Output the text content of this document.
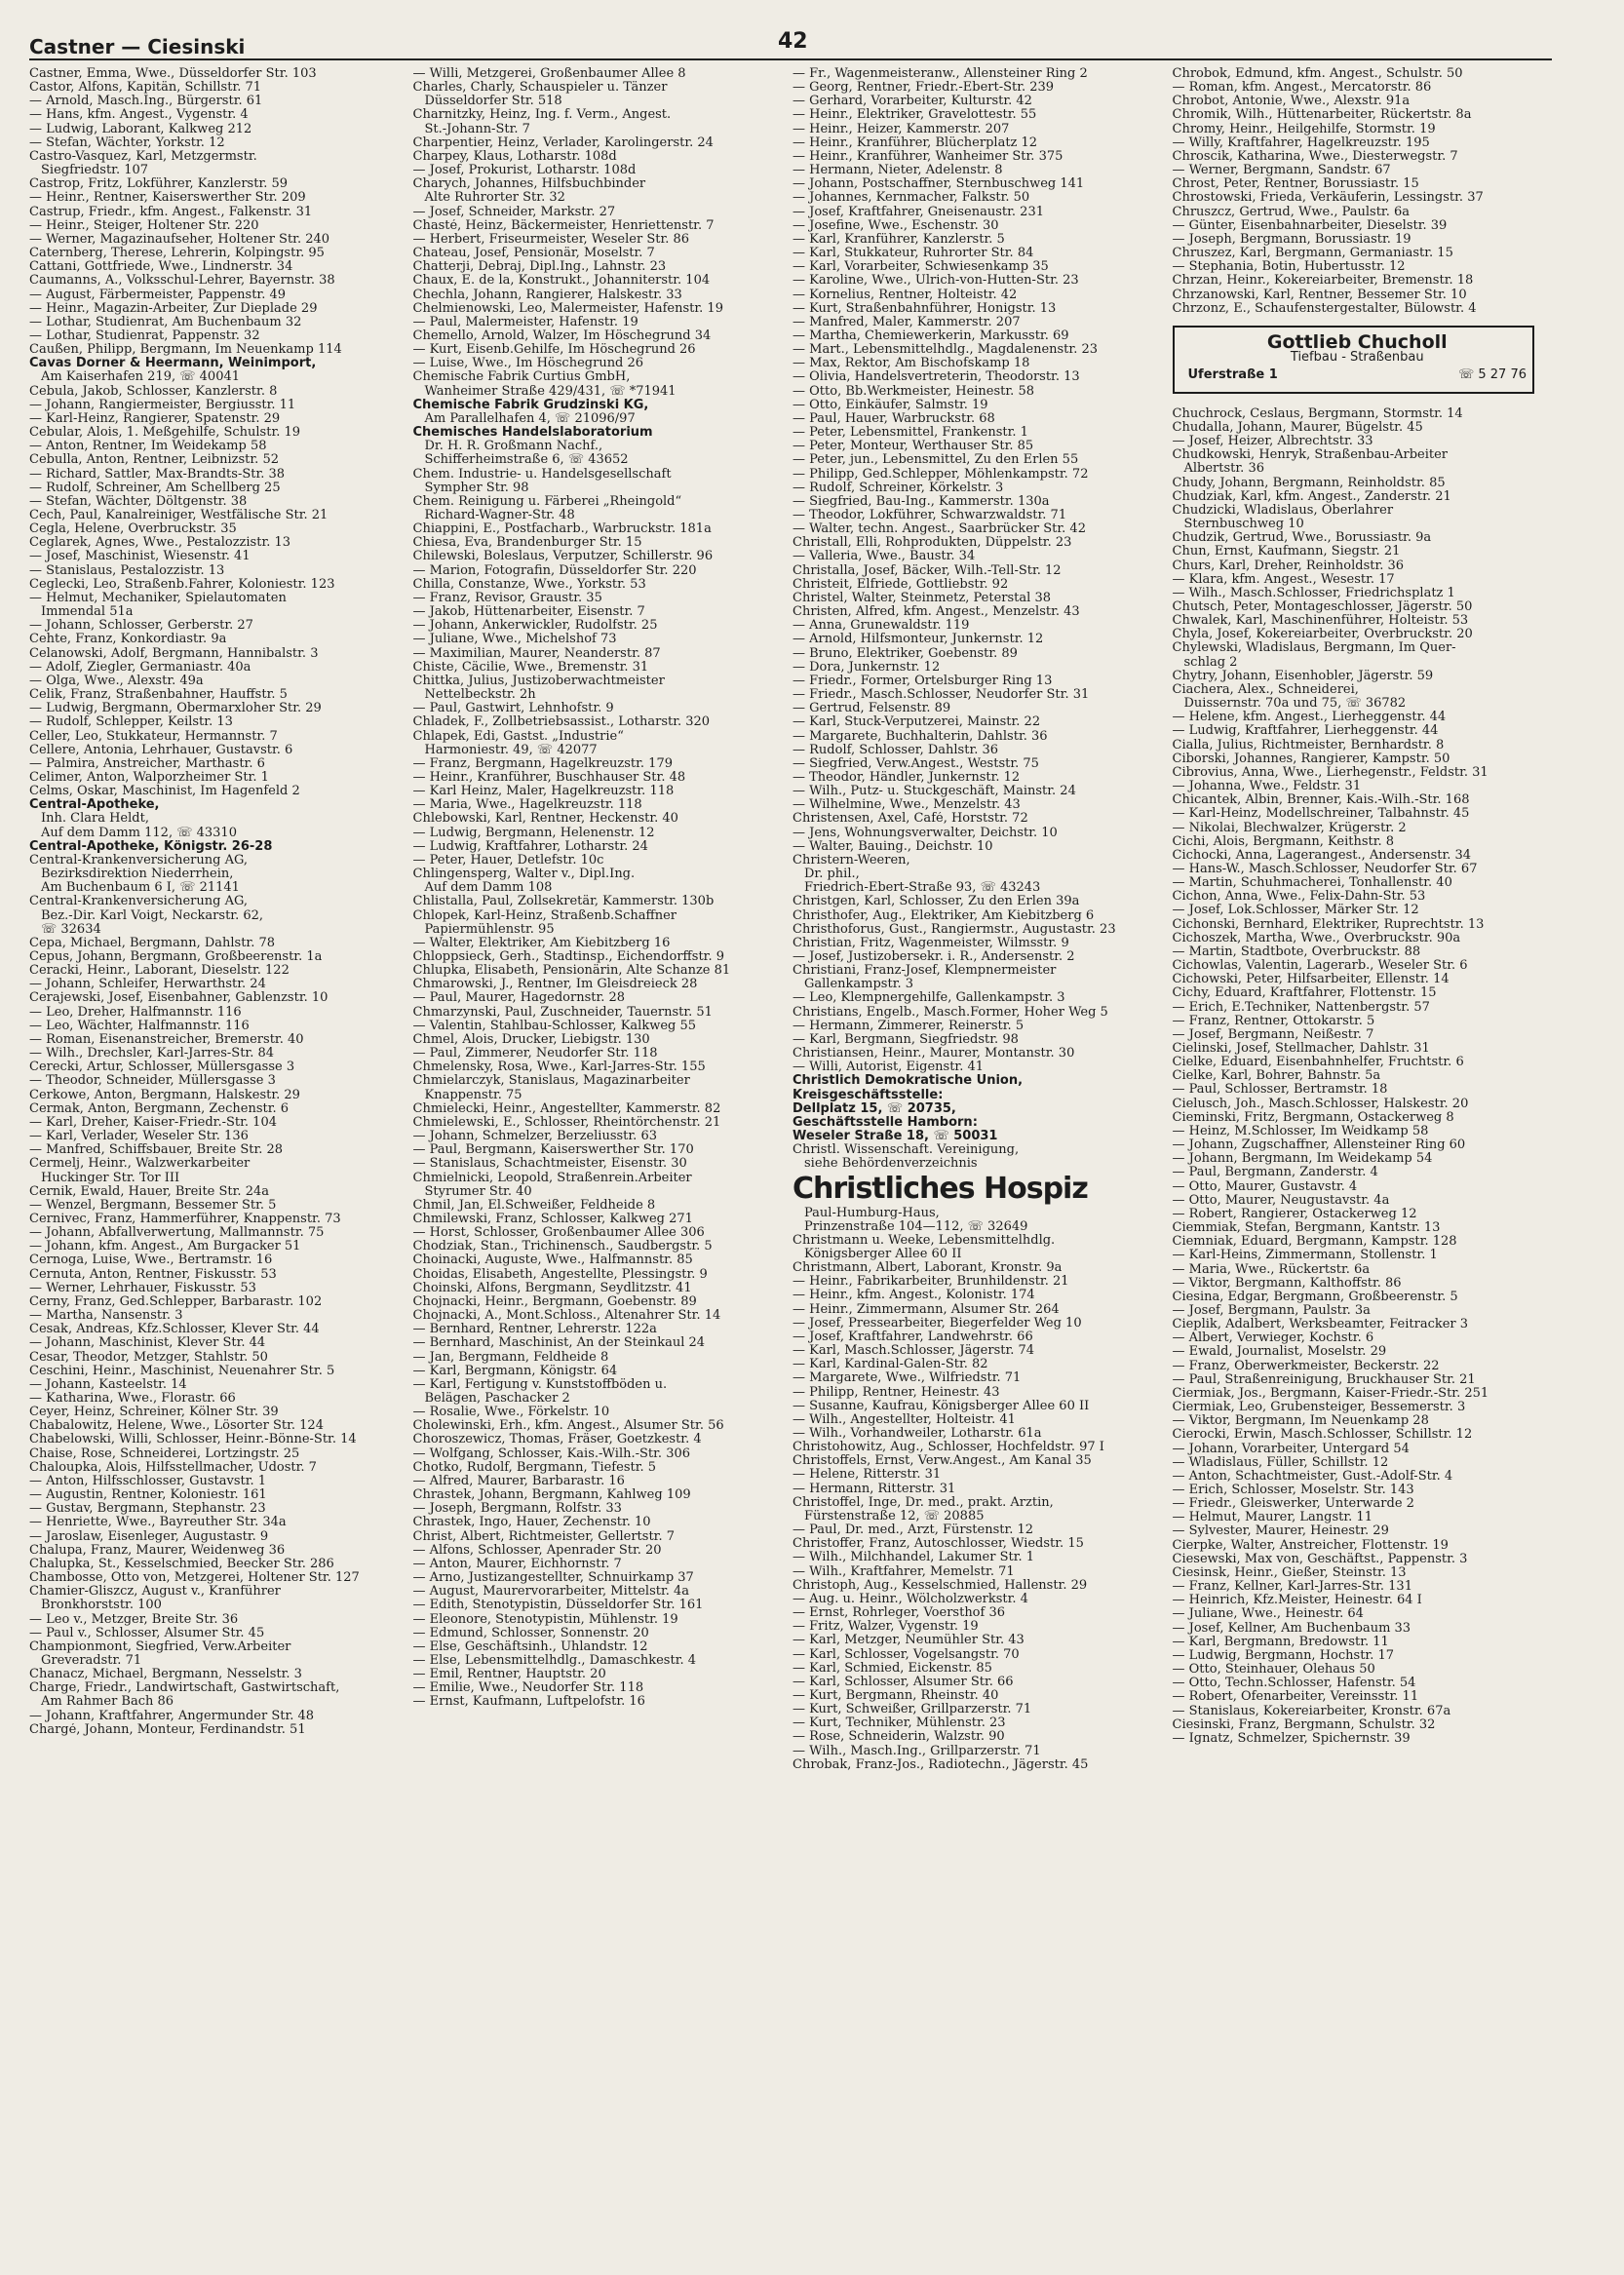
Castner — Ciesinski	42
Castner, Emma, Wwe., Düsseldorfer Str. 103
Castor, Alfons, Kapitän, Schillstr. 71
— Arnold, Masch.Ing., Bürgerstr. 61
— Hans, kfm. Angest., Vygenstr. 4
— Ludwig, Laborant, Kalkweg 212
— Stefan, Wächter, Yorkstr. 12
Castro-Vasquez, Karl, Metzgermstr.
Siegfriedstr. 107
Castrop, Fritz, Lokführer, Kanzlerstr. 59
— Heinr., Rentner, Kaiserswerther Str. 209
Castrup, Friedr., kfm. Angest., Falkenstr. 31
— Heinr., Steiger, Holtener Str. 220
— Werner, Magazinaufseher, Holtener Str. 240
Caternberg, Therese, Lehrerin, Kolpingstr. 95
Cattani, Gottfriede, Wwe., Lindnerstr. 34
Caumanns, A., Volksschul-Lehrer, Bayernstr. 38
— August, Färbermeister, Pappenstr. 49
— Heinr., Magazin-Arbeiter, Zur Dieplade 29
— Lothar, Studienrat, Am Buchenbaum 32
— Lothar, Studienrat, Pappenstr. 32
Caußen, Philipp, Bergmann, Im Neuenkamp 114
Cavas Dorner & Heermann, Weinimport,
Am Kaiserhafen 219, ☏ 40041
Cebula, Jakob, Schlosser, Kanzlerstr. 8
— Johann, Rangiermeister, Bergiusstr. 11
— Karl-Heinz, Rangierer, Spatenstr. 29
Cebular, Alois, 1. Meßgehilfe, Schulstr. 19
— Anton, Rentner, Im Weidekamp 58
Cebulla, Anton, Rentner, Leibnizstr. 52
— Richard, Sattler, Max-Brandts-Str. 38
— Rudolf, Schreiner, Am Schellberg 25
— Stefan, Wächter, Döltgenstr. 38
Cech, Paul, Kanalreiniger, Westfälische Str. 21
Cegla, Helene, Overbruckstr. 35
Ceglarek, Agnes, Wwe., Pestalozzistr. 13
— Josef, Maschinist, Wiesenstr. 41
— Stanislaus, Pestalozzistr. 13
Ceglecki, Leo, Straßenb.Fahrer, Koloniestr. 123
— Helmut, Mechaniker, Spielautomaten
Immendal 51a
— Johann, Schlosser, Gerberstr. 27
Cehte, Franz, Konkordiastr. 9a
Celanowski, Adolf, Bergmann, Hannibalstr. 3
— Adolf, Ziegler, Germaniastr. 40a
— Olga, Wwe., Alexstr. 49a
Celik, Franz, Straßenbahner, Hauffstr. 5
— Ludwig, Bergmann, Obermarxloher Str. 29
— Rudolf, Schlepper, Keilstr. 13
Celler, Leo, Stukkateur, Hermannstr. 7
Cellere, Antonia, Lehrhauer, Gustavstr. 6
— Palmira, Anstreicher, Marthastr. 6
Celimer, Anton, Walporzheimer Str. 1
Celms, Oskar, Maschinist, Im Hagenfeld 2
Central-Apotheke,
Inh. Clara Heldt,
Auf dem Damm 112, ☏ 43310
Central-Apotheke, Königstr. 26-28
Central-Krankenversicherung AG,
Bezirksdirektion Niederrhein,
Am Buchenbaum 6 I, ☏ 21141
Central-Krankenversicherung AG,
Bez.-Dir. Karl Voigt, Neckarstr. 62,
☏ 32634
Cepa, Michael, Bergmann, Dahlstr. 78
Cepus, Johann, Bergmann, Großbeerenstr. 1a
Ceracki, Heinr., Laborant, Dieselstr. 122
— Johann, Schleifer, Herwarthstr. 24
Cerajewski, Josef, Eisenbahner, Gablenzstr. 10
— Leo, Dreher, Halfmannstr. 116
— Leo, Wächter, Halfmannstr. 116
— Roman, Eisenanstreicher, Bremerstr. 40
— Wilh., Drechsler, Karl-Jarres-Str. 84
Cerecki, Artur, Schlosser, Müllersgasse 3
— Theodor, Schneider, Müllersgasse 3
Cerkowe, Anton, Bergmann, Halskestr. 29
Cermak, Anton, Bergmann, Zechenstr. 6
— Karl, Dreher, Kaiser-Friedr.-Str. 104
— Karl, Verlader, Weseler Str. 136
— Manfred, Schiffsbauer, Breite Str. 28
Cermelj, Heinr., Walzwerkarbeiter
Huckinger Str. Tor III
Cernik, Ewald, Hauer, Breite Str. 24a
— Wenzel, Bergmann, Bessemer Str. 5
Cernivec, Franz, Hammerführer, Knappenstr. 73
— Johann, Abfallverwertung, Mallmannstr. 75
— Johann, kfm. Angest., Am Burgacker 51
Cernoga, Luise, Wwe., Bertramstr. 16
Cernuta, Anton, Rentner, Fiskusstr. 53
— Werner, Lehrhauer, Fiskusstr. 53
Cerny, Franz, Ged.Schlepper, Barbarastr. 102
— Martha, Nansenstr. 3
Cesak, Andreas, Kfz.Schlosser, Klever Str. 44
— Johann, Maschinist, Klever Str. 44
Cesar, Theodor, Metzger, Stahlstr. 50
Ceschini, Heinr., Maschinist, Neuenahrer Str. 5
— Johann, Kasteelstr. 14
— Katharina, Wwe., Florastr. 66
Ceyer, Heinz, Schreiner, Kölner Str. 39
Chabalowitz, Helene, Wwe., Lösorter Str. 124
Chabelowski, Willi, Schlosser, Heinr.-Bönne-Str. 14
Chaise, Rose, Schneiderei, Lortzingstr. 25
Chaloupka, Alois, Hilfsstellmacher, Udostr. 7
— Anton, Hilfsschlosser, Gustavstr. 1
— Augustin, Rentner, Koloniestr. 161
— Gustav, Bergmann, Stephanstr. 23
— Henriette, Wwe., Bayreuther Str. 34a
— Jaroslaw, Eisenleger, Augustastr. 9
Chalupa, Franz, Maurer, Weidenweg 36
Chalupka, St., Kesselschmied, Beecker Str. 286
Chambosse, Otto von, Metzgerei, Holtener Str. 127
Chamier-Gliszcz, August v., Kranführer
Bronkhorststr. 100
— Leo v., Metzger, Breite Str. 36
— Paul v., Schlosser, Alsumer Str. 45
Championmont, Siegfried, Verw.Arbeiter
Greveradstr. 71
Chanacz, Michael, Bergmann, Nesselstr. 3
Charge, Friedr., Landwirtschaft, Gastwirtschaft,
Am Rahmer Bach 86
— Johann, Kraftfahrer, Angermunder Str. 48
Chargé, Johann, Monteur, Ferdinandstr. 51
— Willi, Metzgerei, Großenbaumer Allee 8
Charles, Charly, Schauspieler u. Tänzer
Düsseldorfer Str. 518
Charnitzky, Heinz, Ing. f. Verm., Angest.
St.-Johann-Str. 7
Charpentier, Heinz, Verlader, Karolingerstr. 24
Charpey, Klaus, Lotharstr. 108d
— Josef, Prokurist, Lotharstr. 108d
Charych, Johannes, Hilfsbuchbinder
Alte Ruhrorter Str. 32
— Josef, Schneider, Markstr. 27
Chasté, Heinz, Bäckermeister, Henriettenstr. 7
— Herbert, Friseurmeister, Weseler Str. 86
Chateau, Josef, Pensionär, Moselstr. 7
Chatterji, Debraj, Dipl.Ing., Lahnstr. 23
Chaux, E. de la, Konstrukt., Johanniterstr. 104
Chechla, Johann, Rangierer, Halskestr. 33
Chelmienowski, Leo, Malermeister, Hafenstr. 19
— Paul, Malermeister, Hafenstr. 19
Chemello, Arnold, Walzer, Im Höschegrund 34
— Kurt, Eisenb.Gehilfe, Im Höschegrund 26
— Luise, Wwe., Im Höschegrund 26
Chemische Fabrik Curtius GmbH,
Wanheimer Straße 429/431, ☏ *71941
Chemische Fabrik Grudzinski KG,
Am Parallelhafen 4, ☏ 21096/97
Chemisches Handelslaboratorium
Dr. H. R. Großmann Nachf.,
Schifferheimstraße 6, ☏ 43652
Chem. Industrie- u. Handelsgesellschaft
Sympher Str. 98
Chem. Reinigung u. Färberei „Rheingold“
Richard-Wagner-Str. 48
Chiappini, E., Postfacharb., Warbruckstr. 181a
Chiesa, Eva, Brandenburger Str. 15
Chilewski, Boleslaus, Verputzer, Schillerstr. 96
— Marion, Fotografin, Düsseldorfer Str. 220
Chilla, Constanze, Wwe., Yorkstr. 53
— Franz, Revisor, Graustr. 35
— Jakob, Hüttenarbeiter, Eisenstr. 7
— Johann, Ankerwickler, Rudolfstr. 25
— Juliane, Wwe., Michelshof 73
— Maximilian, Maurer, Neanderstr. 87
Chiste, Cäcilie, Wwe., Bremenstr. 31
Chittka, Julius, Justizoberwachtmeister
Nettelbeckstr. 2h
— Paul, Gastwirt, Lehnhofstr. 9
Chladek, F., Zollbetriebsassist., Lotharstr. 320
Chlapek, Edi, Gastst. „Industrie“
Harmoniestr. 49, ☏ 42077
— Franz, Bergmann, Hagelkreuzstr. 179
— Heinr., Kranführer, Buschhauser Str. 48
— Karl Heinz, Maler, Hagelkreuzstr. 118
— Maria, Wwe., Hagelkreuzstr. 118
Chlebowski, Karl, Rentner, Heckenstr. 40
— Ludwig, Bergmann, Helenenstr. 12
— Ludwig, Kraftfahrer, Lotharstr. 24
— Peter, Hauer, Detlefstr. 10c
Chlingensperg, Walter v., Dipl.Ing.
Auf dem Damm 108
Chlistalla, Paul, Zollsekretär, Kammerstr. 130b
Chlopek, Karl-Heinz, Straßenb.Schaffner
Papiermühlenstr. 95
— Walter, Elektriker, Am Kiebitzberg 16
Chloppsieck, Gerh., Stadtinsp., Eichendorffstr. 9
Chlupka, Elisabeth, Pensionärin, Alte Schanze 81
Chmarowski, J., Rentner, Im Gleisdreieck 28
— Paul, Maurer, Hagedornstr. 28
Chmarzynski, Paul, Zuschneider, Tauernstr. 51
— Valentin, Stahlbau-Schlosser, Kalkweg 55
Chmel, Alois, Drucker, Liebigstr. 130
— Paul, Zimmerer, Neudorfer Str. 118
Chmelensky, Rosa, Wwe., Karl-Jarres-Str. 155
Chmielarczyk, Stanislaus, Magazinarbeiter
Knappenstr. 75
Chmielecki, Heinr., Angestellter, Kammerstr. 82
Chmielewski, E., Schlosser, Rheintörchenstr. 21
— Johann, Schmelzer, Berzeliusstr. 63
— Paul, Bergmann, Kaiserswerther Str. 170
— Stanislaus, Schachtmeister, Eisenstr. 30
Chmielnicki, Leopold, Straßenrein.Arbeiter
Styrumer Str. 40
Chmil, Jan, El.Schweißer, Feldheide 8
Chmilewski, Franz, Schlosser, Kalkweg 271
— Horst, Schlosser, Großenbaumer Allee 306
Chodziak, Stan., Trichinensch., Saudbergstr. 5
Choinacki, Auguste, Wwe., Halfmannstr. 85
Choidas, Elisabeth, Angestellte, Plessingstr. 9
Choinski, Alfons, Bergmann, Seydlitzstr. 41
Chojnacki, Heinr., Bergmann, Goebenstr. 89
Chojnacki, A., Mont.Schloss., Altenahrer Str. 14
— Bernhard, Rentner, Lehrerstr. 122a
— Bernhard, Maschinist, An der Steinkaul 24
— Jan, Bergmann, Feldheide 8
— Karl, Bergmann, Königstr. 64
— Karl, Fertigung v. Kunststoffböden u.
Belägen, Paschacker 2
— Rosalie, Wwe., Förkelstr. 10
Cholewinski, Erh., kfm. Angest., Alsumer Str. 56
Choroszewicz, Thomas, Fräser, Goetzkestr. 4
— Wolfgang, Schlosser, Kais.-Wilh.-Str. 306
Chotko, Rudolf, Bergmann, Tiefestr. 5
— Alfred, Maurer, Barbarastr. 16
Chrastek, Johann, Bergmann, Kahlweg 109
— Joseph, Bergmann, Rolfstr. 33
Chrastek, Ingo, Hauer, Zechenstr. 10
Christ, Albert, Richtmeister, Gellertstr. 7
— Alfons, Schlosser, Apenrader Str. 20
— Anton, Maurer, Eichhornstr. 7
— Arno, Justizangestellter, Schnuirkamp 37
— August, Maurervorarbeiter, Mittelstr. 4a
— Edith, Stenotypistin, Düsseldorfer Str. 161
— Eleonore, Stenotypistin, Mühlenstr. 19
— Edmund, Schlosser, Sonnenstr. 20
— Else, Geschäftsinh., Uhlandstr. 12
— Else, Lebensmittelhdlg., Damaschkestr. 4
— Emil, Rentner, Hauptstr. 20
— Emilie, Wwe., Neudorfer Str. 118
— Ernst, Kaufmann, Luftpelofstr. 16
— Fr., Wagenmeisteranw., Allensteiner Ring 2
— Georg, Rentner, Friedr.-Ebert-Str. 239
— Gerhard, Vorarbeiter, Kulturstr. 42
— Heinr., Elektriker, Gravelottestr. 55
— Heinr., Heizer, Kammerstr. 207
— Heinr., Kranführer, Blücherplatz 12
— Heinr., Kranführer, Wanheimer Str. 375
— Hermann, Nieter, Adelenstr. 8
— Johann, Postschaffner, Sternbuschweg 141
— Johannes, Kernmacher, Falkstr. 50
— Josef, Kraftfahrer, Gneisenaustr. 231
— Josefine, Wwe., Eschenstr. 30
— Karl, Kranführer, Kanzlerstr. 5
— Karl, Stukkateur, Ruhrorter Str. 84
— Karl, Vorarbeiter, Schwiesenkamp 35
— Karoline, Wwe., Ulrich-von-Hutten-Str. 23
— Kornelius, Rentner, Holteistr. 42
— Kurt, Straßenbahnführer, Honigstr. 13
— Manfred, Maler, Kammerstr. 207
— Martha, Chemiewerkerin, Markusstr. 69
— Mart., Lebensmittelhdlg., Magdalenenstr. 23
— Max, Rektor, Am Bischofskamp 18
— Olivia, Handelsvertreterin, Theodorstr. 13
— Otto, Bb.Werkmeister, Heinestr. 58
— Otto, Einkäufer, Salmstr. 19
— Paul, Hauer, Warbruckstr. 68
— Peter, Lebensmittel, Frankenstr. 1
— Peter, Monteur, Werthauser Str. 85
— Peter, jun., Lebensmittel, Zu den Erlen 55
— Philipp, Ged.Schlepper, Möhlenkampstr. 72
— Rudolf, Schreiner, Körkelstr. 3
— Siegfried, Bau-Ing., Kammerstr. 130a
— Theodor, Lokführer, Schwarzwaldstr. 71
— Walter, techn. Angest., Saarbrücker Str. 42
Christall, Elli, Rohprodukten, Düppelstr. 23
— Valleria, Wwe., Baustr. 34
Christalla, Josef, Bäcker, Wilh.-Tell-Str. 12
Christeit, Elfriede, Gottliebstr. 92
Christel, Walter, Steinmetz, Peterstal 38
Christen, Alfred, kfm. Angest., Menzelstr. 43
— Anna, Grunewaldstr. 119
— Arnold, Hilfsmonteur, Junkernstr. 12
— Bruno, Elektriker, Goebenstr. 89
— Dora, Junkernstr. 12
— Friedr., Former, Ortelsburger Ring 13
— Friedr., Masch.Schlosser, Neudorfer Str. 31
— Gertrud, Felsenstr. 89
— Karl, Stuck-Verputzerei, Mainstr. 22
— Margarete, Buchhalterin, Dahlstr. 36
— Rudolf, Schlosser, Dahlstr. 36
— Siegfried, Verw.Angest., Weststr. 75
— Theodor, Händler, Junkernstr. 12
— Wilh., Putz- u. Stuckgeschäft, Mainstr. 24
— Wilhelmine, Wwe., Menzelstr. 43
Christensen, Axel, Café, Horststr. 72
— Jens, Wohnungsverwalter, Deichstr. 10
— Walter, Bauing., Deichstr. 10
Christern-Weeren,
Dr. phil.,
Friedrich-Ebert-Straße 93, ☏ 43243
Christgen, Karl, Schlosser, Zu den Erlen 39a
Christhofer, Aug., Elektriker, Am Kiebitzberg 6
Christhoforus, Gust., Rangiermstr., Augustastr. 23
Christian, Fritz, Wagenmeister, Wilmsstr. 9
— Josef, Justizobersekr. i. R., Andersenstr. 2
Christiani, Franz-Josef, Klempnermeister
Gallenkampstr. 3
— Leo, Klempnergehilfe, Gallenkampstr. 3
Christians, Engelb., Masch.Former, Hoher Weg 5
— Hermann, Zimmerer, Reinerstr. 5
— Karl, Bergmann, Siegfriedstr. 98
Christiansen, Heinr., Maurer, Montanstr. 30
— Willi, Autorist, Eigenstr. 41
Christlich Demokratische Union,
Kreisgeschäftsstelle:
Dellplatz 15, ☏ 20735,
Geschäftsstelle Hamborn:
Weseler Straße 18, ☏ 50031
Christl. Wissenschaft. Vereinigung,
siehe Behördenverzeichnis
Christliches Hospiz
Paul-Humburg-Haus,
Prinzenstraße 104—112, ☏ 32649
Christmann u. Weeke, Lebensmittelhdlg.
Königsberger Allee 60 II
Christmann, Albert, Laborant, Kronstr. 9a
— Heinr., Fabrikarbeiter, Brunhildenstr. 21
— Heinr., kfm. Angest., Kolonistr. 174
— Heinr., Zimmermann, Alsumer Str. 264
— Josef, Pressearbeiter, Biegerfelder Weg 10
— Josef, Kraftfahrer, Landwehrstr. 66
— Karl, Masch.Schlosser, Jägerstr. 74
— Karl, Kardinal-Galen-Str. 82
— Margarete, Wwe., Wilfriedstr. 71
— Philipp, Rentner, Heinestr. 43
— Susanne, Kaufrau, Königsberger Allee 60 II
— Wilh., Angestellter, Holteistr. 41
— Wilh., Vorhandweiler, Lotharstr. 61a
Christohowitz, Aug., Schlosser, Hochfeldstr. 97 I
Christoffels, Ernst, Verw.Angest., Am Kanal 35
— Helene, Ritterstr. 31
— Hermann, Ritterstr. 31
Christoffel, Inge, Dr. med., prakt. Ärztin,
Fürstenstraße 12, ☏ 20885
— Paul, Dr. med., Arzt, Fürstenstr. 12
Christoffer, Franz, Autoschlosser, Wiedstr. 15
— Wilh., Milchhandel, Lakumer Str. 1
— Wilh., Kraftfahrer, Memelstr. 71
Christoph, Aug., Kesselschmied, Hallenstr. 29
— Aug. u. Heinr., Wölcholzwerkstr. 4
— Ernst, Rohrleger, Voersthof 36
— Fritz, Walzer, Vygenstr. 19
— Karl, Metzger, Neumühler Str. 43
— Karl, Schlosser, Vogelsangstr. 70
— Karl, Schmied, Eickenstr. 85
— Karl, Schlosser, Alsumer Str. 66
— Kurt, Bergmann, Rheinstr. 40
— Kurt, Schweißer, Grillparzerstr. 71
— Kurt, Techniker, Mühlenstr. 23
— Rose, Schneiderin, Walzstr. 90
— Wilh., Masch.Ing., Grillparzerstr. 71
Chrobak, Franz-Jos., Radiotechn., Jägerstr. 45
Chrobok, Edmund, kfm. Angest., Schulstr. 50
— Roman, kfm. Angest., Mercatorstr. 86
Chrobot, Antonie, Wwe., Alexstr. 91a
Chromik, Wilh., Hüttenarbeiter, Rückertstr. 8a
Chromy, Heinr., Heilgehilfe, Stormstr. 19
— Willy, Kraftfahrer, Hagelkreuzstr. 195
Chroscik, Katharina, Wwe., Diesterwegstr. 7
— Werner, Bergmann, Sandstr. 67
Chrost, Peter, Rentner, Borussiastr. 15
Chrostowski, Frieda, Verkäuferin, Lessingstr. 37
Chruszcz, Gertrud, Wwe., Paulstr. 6a
— Günter, Eisenbahnarbeiter, Dieselstr. 39
— Joseph, Bergmann, Borussiastr. 19
Chruszez, Karl, Bergmann, Germaniastr. 15
— Stephania, Botin, Hubertusstr. 12
Chrzan, Heinr., Kokereiarbeiter, Bremenstr. 18
Chrzanowski, Karl, Rentner, Bessemer Str. 10
Chrzonz, E., Schaufenstergestalter, Bülowstr. 4
Gottlieb Chucholl
Tiefbau - Straßenbau
Uferstraße 1	☏ 5 27 76
Chuchrock, Ceslaus, Bergmann, Stormstr. 14
Chudalla, Johann, Maurer, Bügelstr. 45
— Josef, Heizer, Albrechtstr. 33
Chudkowski, Henryk, Straßenbau-Arbeiter
Albertstr. 36
Chudy, Johann, Bergmann, Reinholdstr. 85
Chudziak, Karl, kfm. Angest., Zanderstr. 21
Chudzicki, Wladislaus, Oberlahrer
Sternbuschweg 10
Chudzik, Gertrud, Wwe., Borussiastr. 9a
Chun, Ernst, Kaufmann, Siegstr. 21
Churs, Karl, Dreher, Reinholdstr. 36
— Klara, kfm. Angest., Wesestr. 17
— Wilh., Masch.Schlosser, Friedrichsplatz 1
Chutsch, Peter, Montageschlosser, Jägerstr. 50
Chwalek, Karl, Maschinenführer, Holteistr. 53
Chyla, Josef, Kokereiarbeiter, Overbruckstr. 20
Chylewski, Wladislaus, Bergmann, Im Quer-
schlag 2
Chytry, Johann, Eisenhobler, Jägerstr. 59
Ciachera, Alex., Schneiderei,
Duissernstr. 70a und 75, ☏ 36782
— Helene, kfm. Angest., Lierheggenstr. 44
— Ludwig, Kraftfahrer, Lierheggenstr. 44
Cialla, Julius, Richtmeister, Bernhardstr. 8
Ciborski, Johannes, Rangierer, Kampstr. 50
Cibrovius, Anna, Wwe., Lierhegenstr., Feldstr. 31
— Johanna, Wwe., Feldstr. 31
Chicantek, Albin, Brenner, Kais.-Wilh.-Str. 168
— Karl-Heinz, Modellschreiner, Talbahnstr. 45
— Nikolai, Blechwalzer, Krügerstr. 2
Cichi, Alois, Bergmann, Keithstr. 8
Cichocki, Anna, Lagerangest., Andersenstr. 34
— Hans-W., Masch.Schlosser, Neudorfer Str. 67
— Martin, Schuhmacherei, Tonhallenstr. 40
Cichon, Anna, Wwe., Felix-Dahn-Str. 53
— Josef, Lok.Schlosser, Märker Str. 12
Cichonski, Bernhard, Elektriker, Ruprechtstr. 13
Cichoszek, Martha, Wwe., Overbruckstr. 90a
— Martin, Stadtbote, Overbruckstr. 88
Cichowlas, Valentin, Lagerarb., Weseler Str. 6
Cichowski, Peter, Hilfsarbeiter, Ellenstr. 14
Cichy, Eduard, Kraftfahrer, Flottenstr. 15
— Erich, E.Techniker, Nattenbergstr. 57
— Franz, Rentner, Ottokarstr. 5
— Josef, Bergmann, Neißestr. 7
Cielinski, Josef, Stellmacher, Dahlstr. 31
Cielke, Eduard, Eisenbahnhelfer, Fruchtstr. 6
Cielke, Karl, Bohrer, Bahnstr. 5a
— Paul, Schlosser, Bertramstr. 18
Cielusch, Joh., Masch.Schlosser, Halskestr. 20
Cieminski, Fritz, Bergmann, Ostackerweg 8
— Heinz, M.Schlosser, Im Weidkamp 58
— Johann, Zugschaffner, Allensteiner Ring 60
— Johann, Bergmann, Im Weidekamp 54
— Paul, Bergmann, Zanderstr. 4
— Otto, Maurer, Gustavstr. 4
— Otto, Maurer, Neugustavstr. 4a
— Robert, Rangierer, Ostackerweg 12
Ciemmiak, Stefan, Bergmann, Kantstr. 13
Ciemniak, Eduard, Bergmann, Kampstr. 128
— Karl-Heins, Zimmermann, Stollenstr. 1
— Maria, Wwe., Rückertstr. 6a
— Viktor, Bergmann, Kalthoffstr. 86
Ciesina, Edgar, Bergmann, Großbeerenstr. 5
— Josef, Bergmann, Paulstr. 3a
Cieplik, Adalbert, Werksbeamter, Feitracker 3
— Albert, Verwieger, Kochstr. 6
— Ewald, Journalist, Moselstr. 29
— Franz, Oberwerkmeister, Beckerstr. 22
— Paul, Straßenreinigung, Bruckhauser Str. 21
Ciermiak, Jos., Bergmann, Kaiser-Friedr.-Str. 251
Ciermiak, Leo, Grubensteiger, Bessemerstr. 3
— Viktor, Bergmann, Im Neuenkamp 28
Cierocki, Erwin, Masch.Schlosser, Schillstr. 12
— Johann, Vorarbeiter, Untergard 54
— Wladislaus, Füller, Schillstr. 12
— Anton, Schachtmeister, Gust.-Adolf-Str. 4
— Erich, Schlosser, Moselstr. Str. 143
— Friedr., Gleiswerker, Unterwarde 2
— Helmut, Maurer, Langstr. 11
— Sylvester, Maurer, Heinestr. 29
Cierpke, Walter, Anstreicher, Flottenstr. 19
Ciesewski, Max von, Geschäftst., Pappenstr. 3
Ciesinsk, Heinr., Gießer, Steinstr. 13
— Franz, Kellner, Karl-Jarres-Str. 131
— Heinrich, Kfz.Meister, Heinestr. 64 I
— Juliane, Wwe., Heinestr. 64
— Josef, Kellner, Am Buchenbaum 33
— Karl, Bergmann, Bredowstr. 11
— Ludwig, Bergmann, Hochstr. 17
— Otto, Steinhauer, Olehaus 50
— Otto, Techn.Schlosser, Hafenstr. 54
— Robert, Ofenarbeiter, Vereinsstr. 11
— Stanislaus, Kokereiarbeiter, Kronstr. 67a
Ciesinski, Franz, Bergmann, Schulstr. 32
— Ignatz, Schmelzer, Spichernstr. 39
